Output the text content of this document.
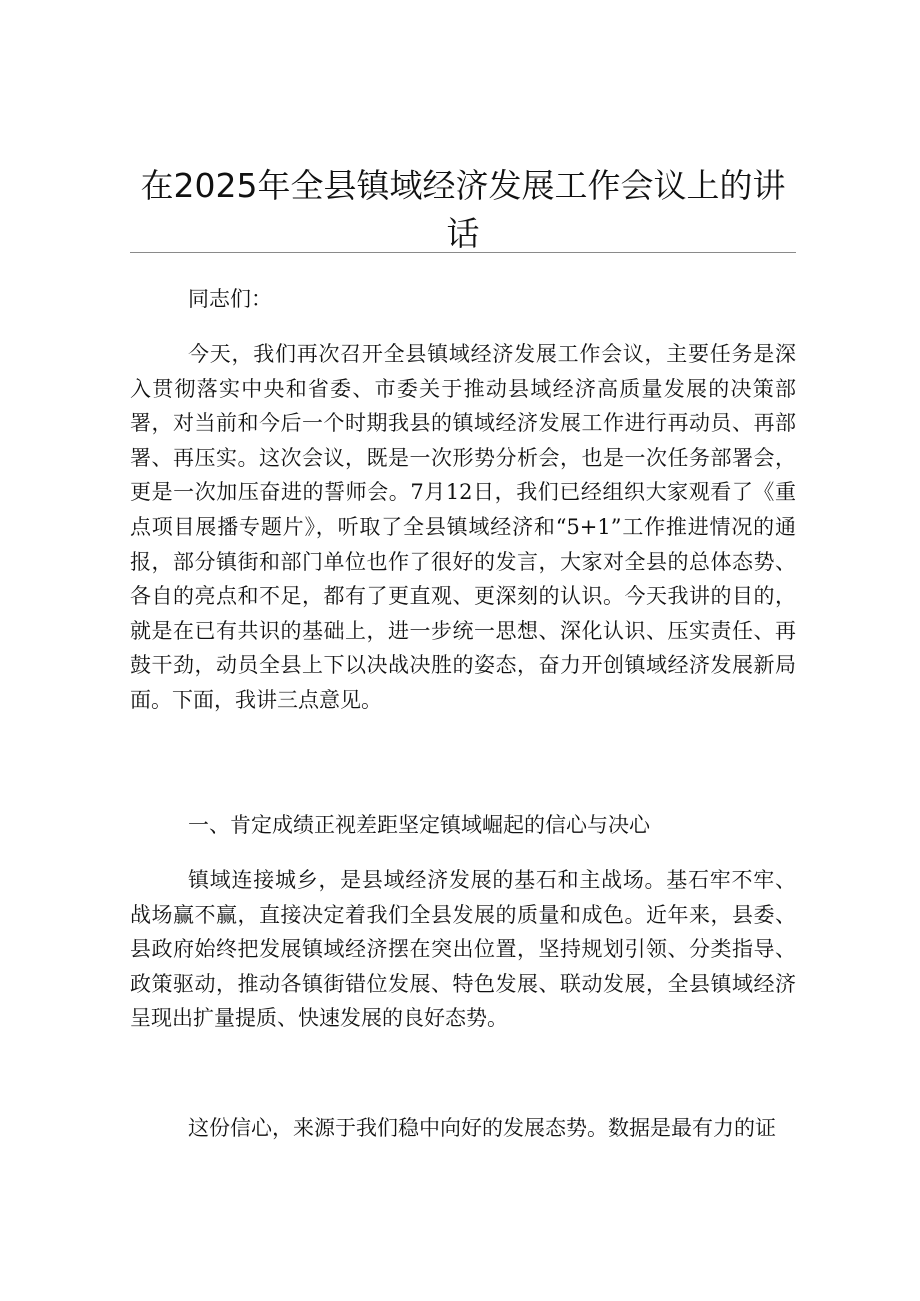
在2025年全县镇域经济发展工作会议上的讲话

同志们：

今天，我们再次召开全县镇域经济发展工作会议，主要任务是深入贯彻落实中央和省委、市委关于推动县域经济高质量发展的决策部署，对当前和今后一个时期我县的镇域经济发展工作进行再动员、再部署、再压实。这次会议，既是一次形势分析会，也是一次任务部署会，更是一次加压奋进的誓师会。7月12日，我们已经组织大家观看了《重点项目展播专题片》，听取了全县镇域经济和“5+1”工作推进情况的通报，部分镇街和部门单位也作了很好的发言，大家对全县的总体态势、各自的亮点和不足，都有了更直观、更深刻的认识。今天我讲的目的，就是在已有共识的基础上，进一步统一思想、深化认识、压实责任、再鼓干劲，动员全县上下以决战决胜的姿态，奋力开创镇域经济发展新局面。下面，我讲三点意见。

一、肯定成绩正视差距坚定镇域崛起的信心与决心

镇域连接城乡，是县域经济发展的基石和主战场。基石牢不牢、战场赢不赢，直接决定着我们全县发展的质量和成色。近年来，县委、县政府始终把发展镇域经济摆在突出位置，坚持规划引领、分类指导、政策驱动，推动各镇街错位发展、特色发展、联动发展，全县镇域经济呈现出扩量提质、快速发展的良好态势。

这份信心，来源于我们稳中向好的发展态势。数据是最有力的证
